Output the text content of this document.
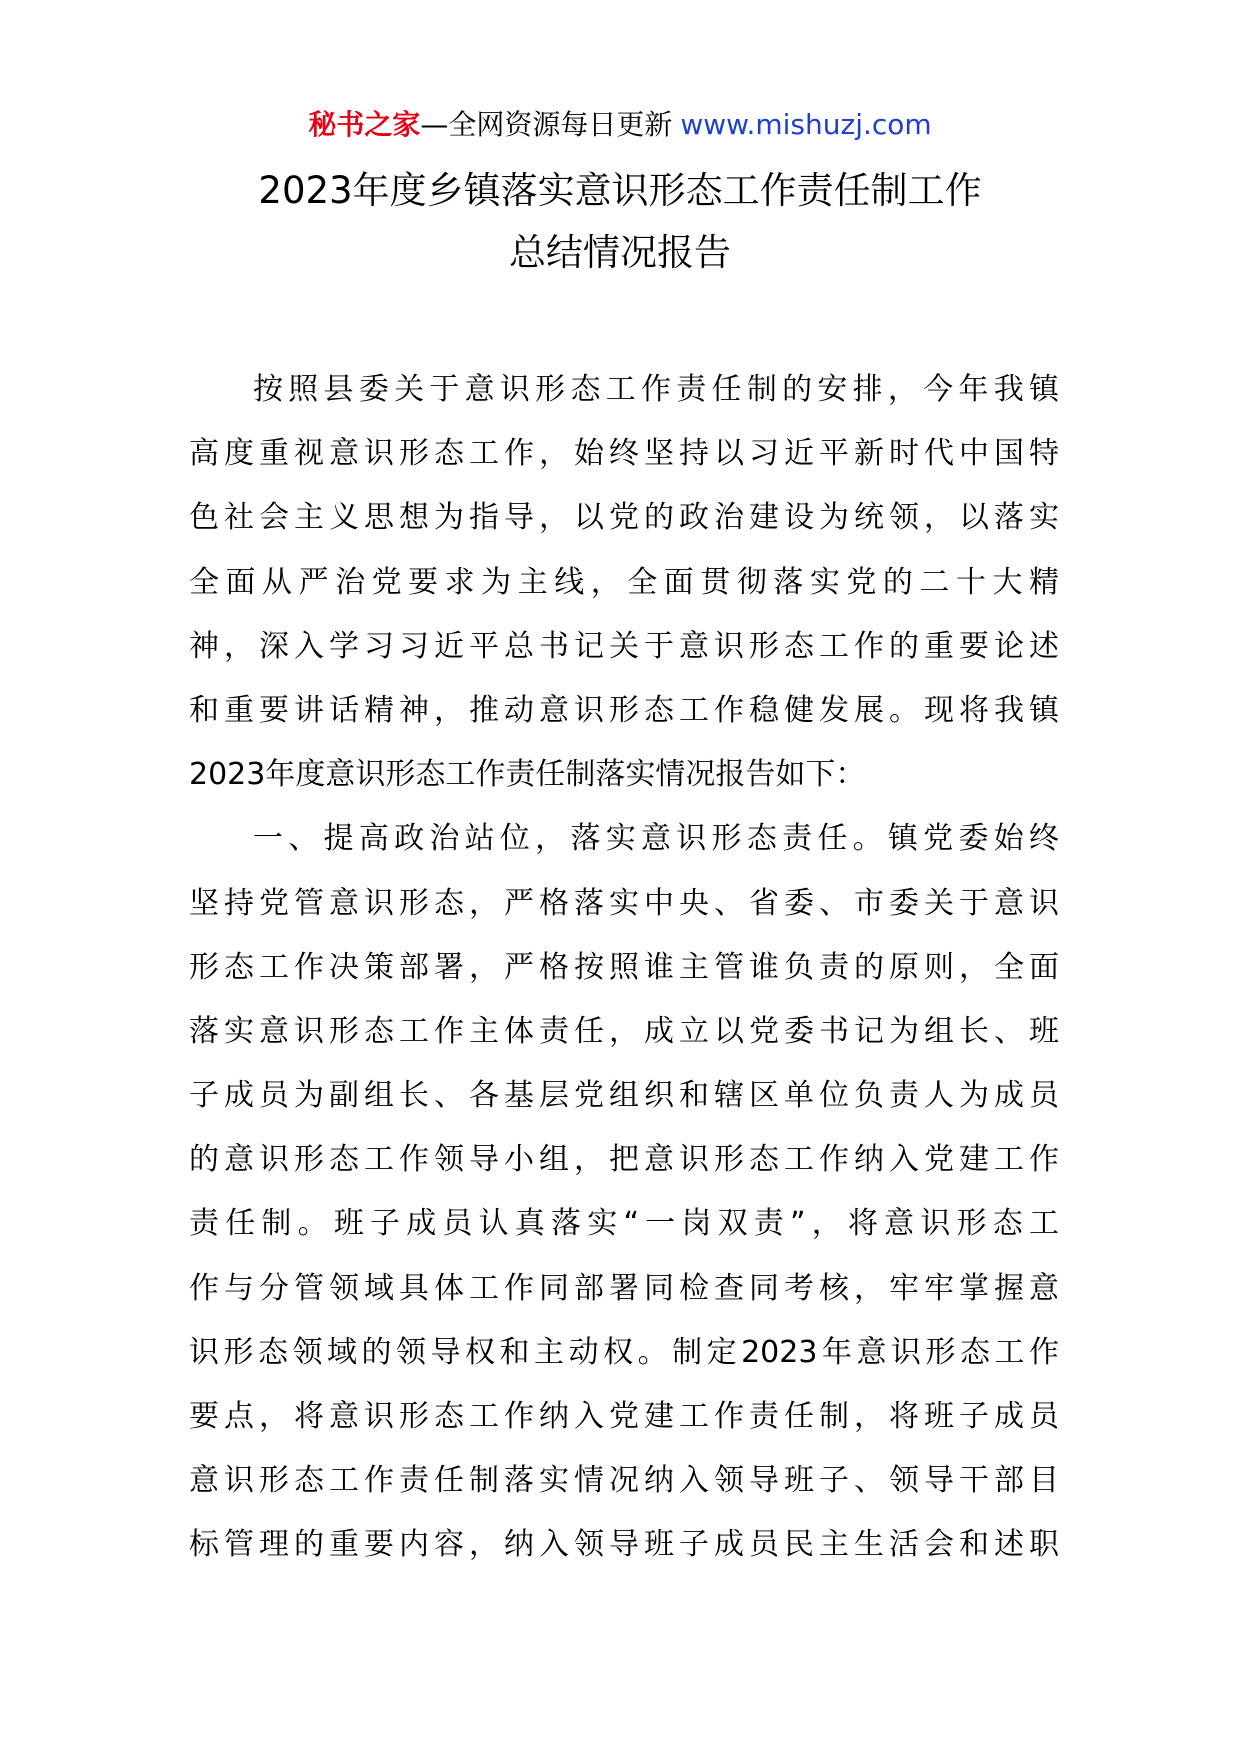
秘书之家—全网资源每日更新 www.mishuzj.com
2023年度乡镇落实意识形态工作责任制工作
总结情况报告
按照县委关于意识形态工作责任制的安排，今年我镇
高度重视意识形态工作，始终坚持以习近平新时代中国特
色社会主义思想为指导，以党的政治建设为统领，以落实
全面从严治党要求为主线，全面贯彻落实党的二十大精
神，深入学习习近平总书记关于意识形态工作的重要论述
和重要讲话精神，推动意识形态工作稳健发展。现将我镇
2023年度意识形态工作责任制落实情况报告如下：
一、提高政治站位，落实意识形态责任。镇党委始终
坚持党管意识形态，严格落实中央、省委、市委关于意识
形态工作决策部署，严格按照谁主管谁负责的原则，全面
落实意识形态工作主体责任，成立以党委书记为组长、班
子成员为副组长、各基层党组织和辖区单位负责人为成员
的意识形态工作领导小组，把意识形态工作纳入党建工作
责任制。班子成员认真落实“一岗双责”，将意识形态工
作与分管领域具体工作同部署同检查同考核，牢牢掌握意
识形态领域的领导权和主动权。制定2023年意识形态工作
要点，将意识形态工作纳入党建工作责任制，将班子成员
意识形态工作责任制落实情况纳入领导班子、领导干部目
标管理的重要内容，纳入领导班子成员民主生活会和述职
